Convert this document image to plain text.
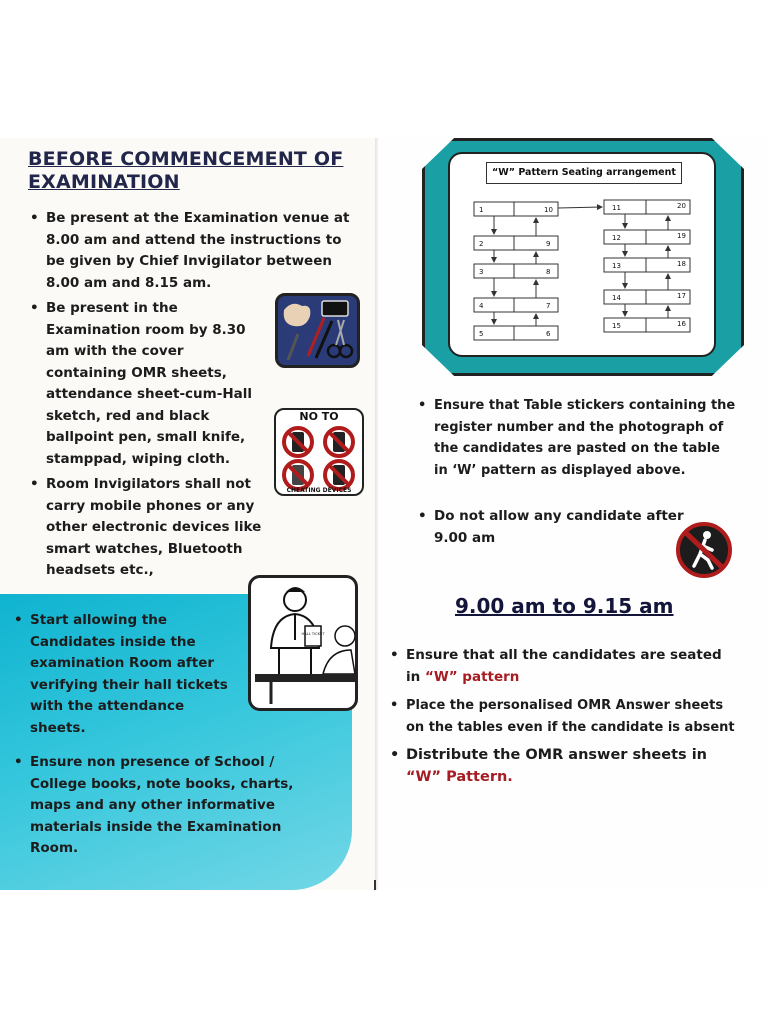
BEFORE COMMENCEMENT OF
EXAMINATION
• Be present at the Examination venue at 8.00 am and attend the instructions to be given by Chief Invigilator between 8.00 am and 8.15 am.
• Be present in the Examination room by 8.30 am with the cover containing OMR sheets, attendance sheet-cum-Hall sketch, red and black ballpoint pen, small knife, stamppad, wiping cloth.
• Room Invigilators shall not carry mobile phones or any other electronic devices like smart watches, Bluetooth headsets etc.,
NO TO
CHEATING DEVICES
• Start allowing the Candidates inside the examination Room after verifying their hall tickets with the attendance sheets.
• Ensure non presence of School / College books, note books, charts, maps and any other informative materials inside the Examination Room.
HALL TICKET
“W” Pattern Seating arrangement
1
2
3
4
5
10
9
8
7
6
11
12
13
14
15
20
19
18
17
16
• Ensure that Table stickers containing the register number and the photograph of the candidates are pasted on the table in ‘W’ pattern as displayed above.
• Do not allow any candidate after 9.00 am
9.00 am to 9.15 am
• Ensure that all the candidates are seated in “W” pattern
• Place the personalised OMR Answer sheets on the tables even if the candidate is absent
• Distribute the OMR answer sheets in “W” Pattern.
